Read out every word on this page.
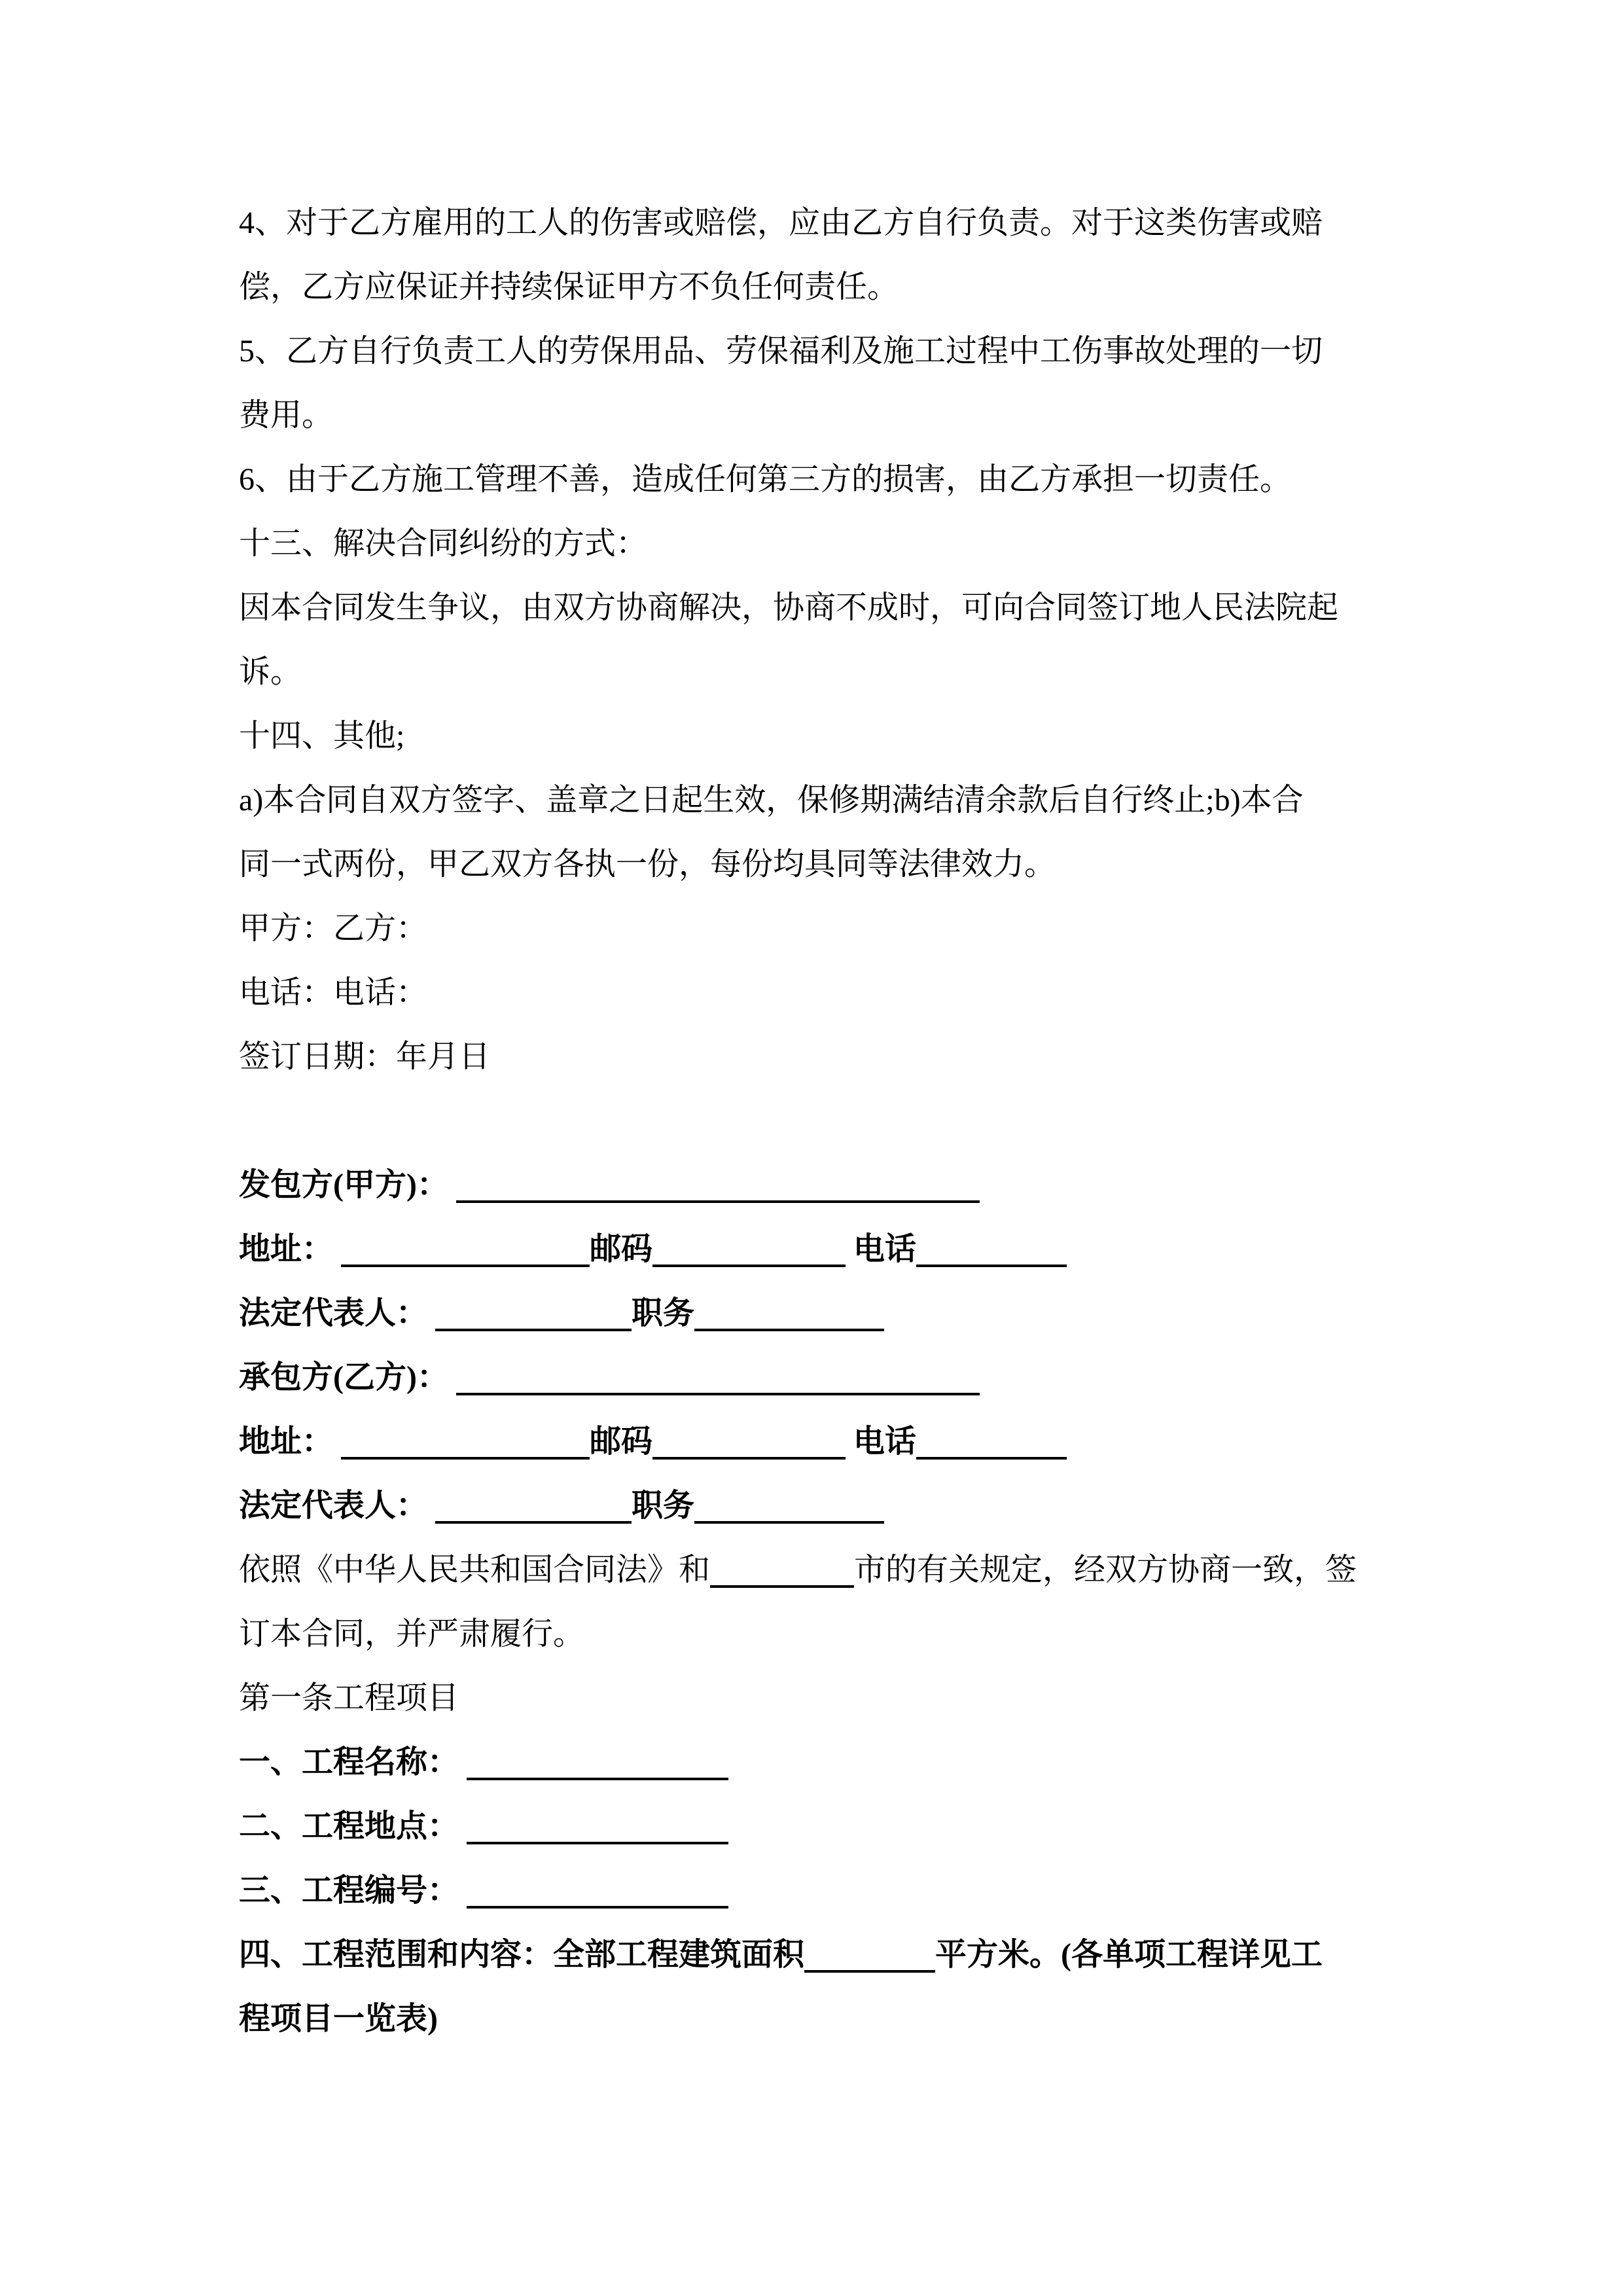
4、对于乙方雇用的工人的伤害或赔偿，应由乙方自行负责。对于这类伤害或赔

偿，乙方应保证并持续保证甲方不负任何责任。

5、乙方自行负责工人的劳保用品、劳保福利及施工过程中工伤事故处理的一切

费用。

6、由于乙方施工管理不善，造成任何第三方的损害，由乙方承担一切责任。

十三、解决合同纠纷的方式：

因本合同发生争议，由双方协商解决，协商不成时，可向合同签订地人民法院起

诉。

十四、其他;

a)本合同自双方签字、盖章之日起生效，保修期满结清余款后自行终止;b)本合

同一式两份，甲乙双方各执一份，每份均具同等法律效力。

甲方：乙方：

电话：电话：

签订日期：年月日

发包方(甲方)：

地址：	邮码	电话

法定代表人：	职务

承包方(乙方)：

地址：	邮码	电话

法定代表人：	职务

依照《中华人民共和国合同法》和	市的有关规定，经双方协商一致，签

订本合同，并严肃履行。

第一条工程项目

一、工程名称：

二、工程地点：

三、工程编号：

四、工程范围和内容：全部工程建筑面积	平方米。(各单项工程详见工

程项目一览表)
